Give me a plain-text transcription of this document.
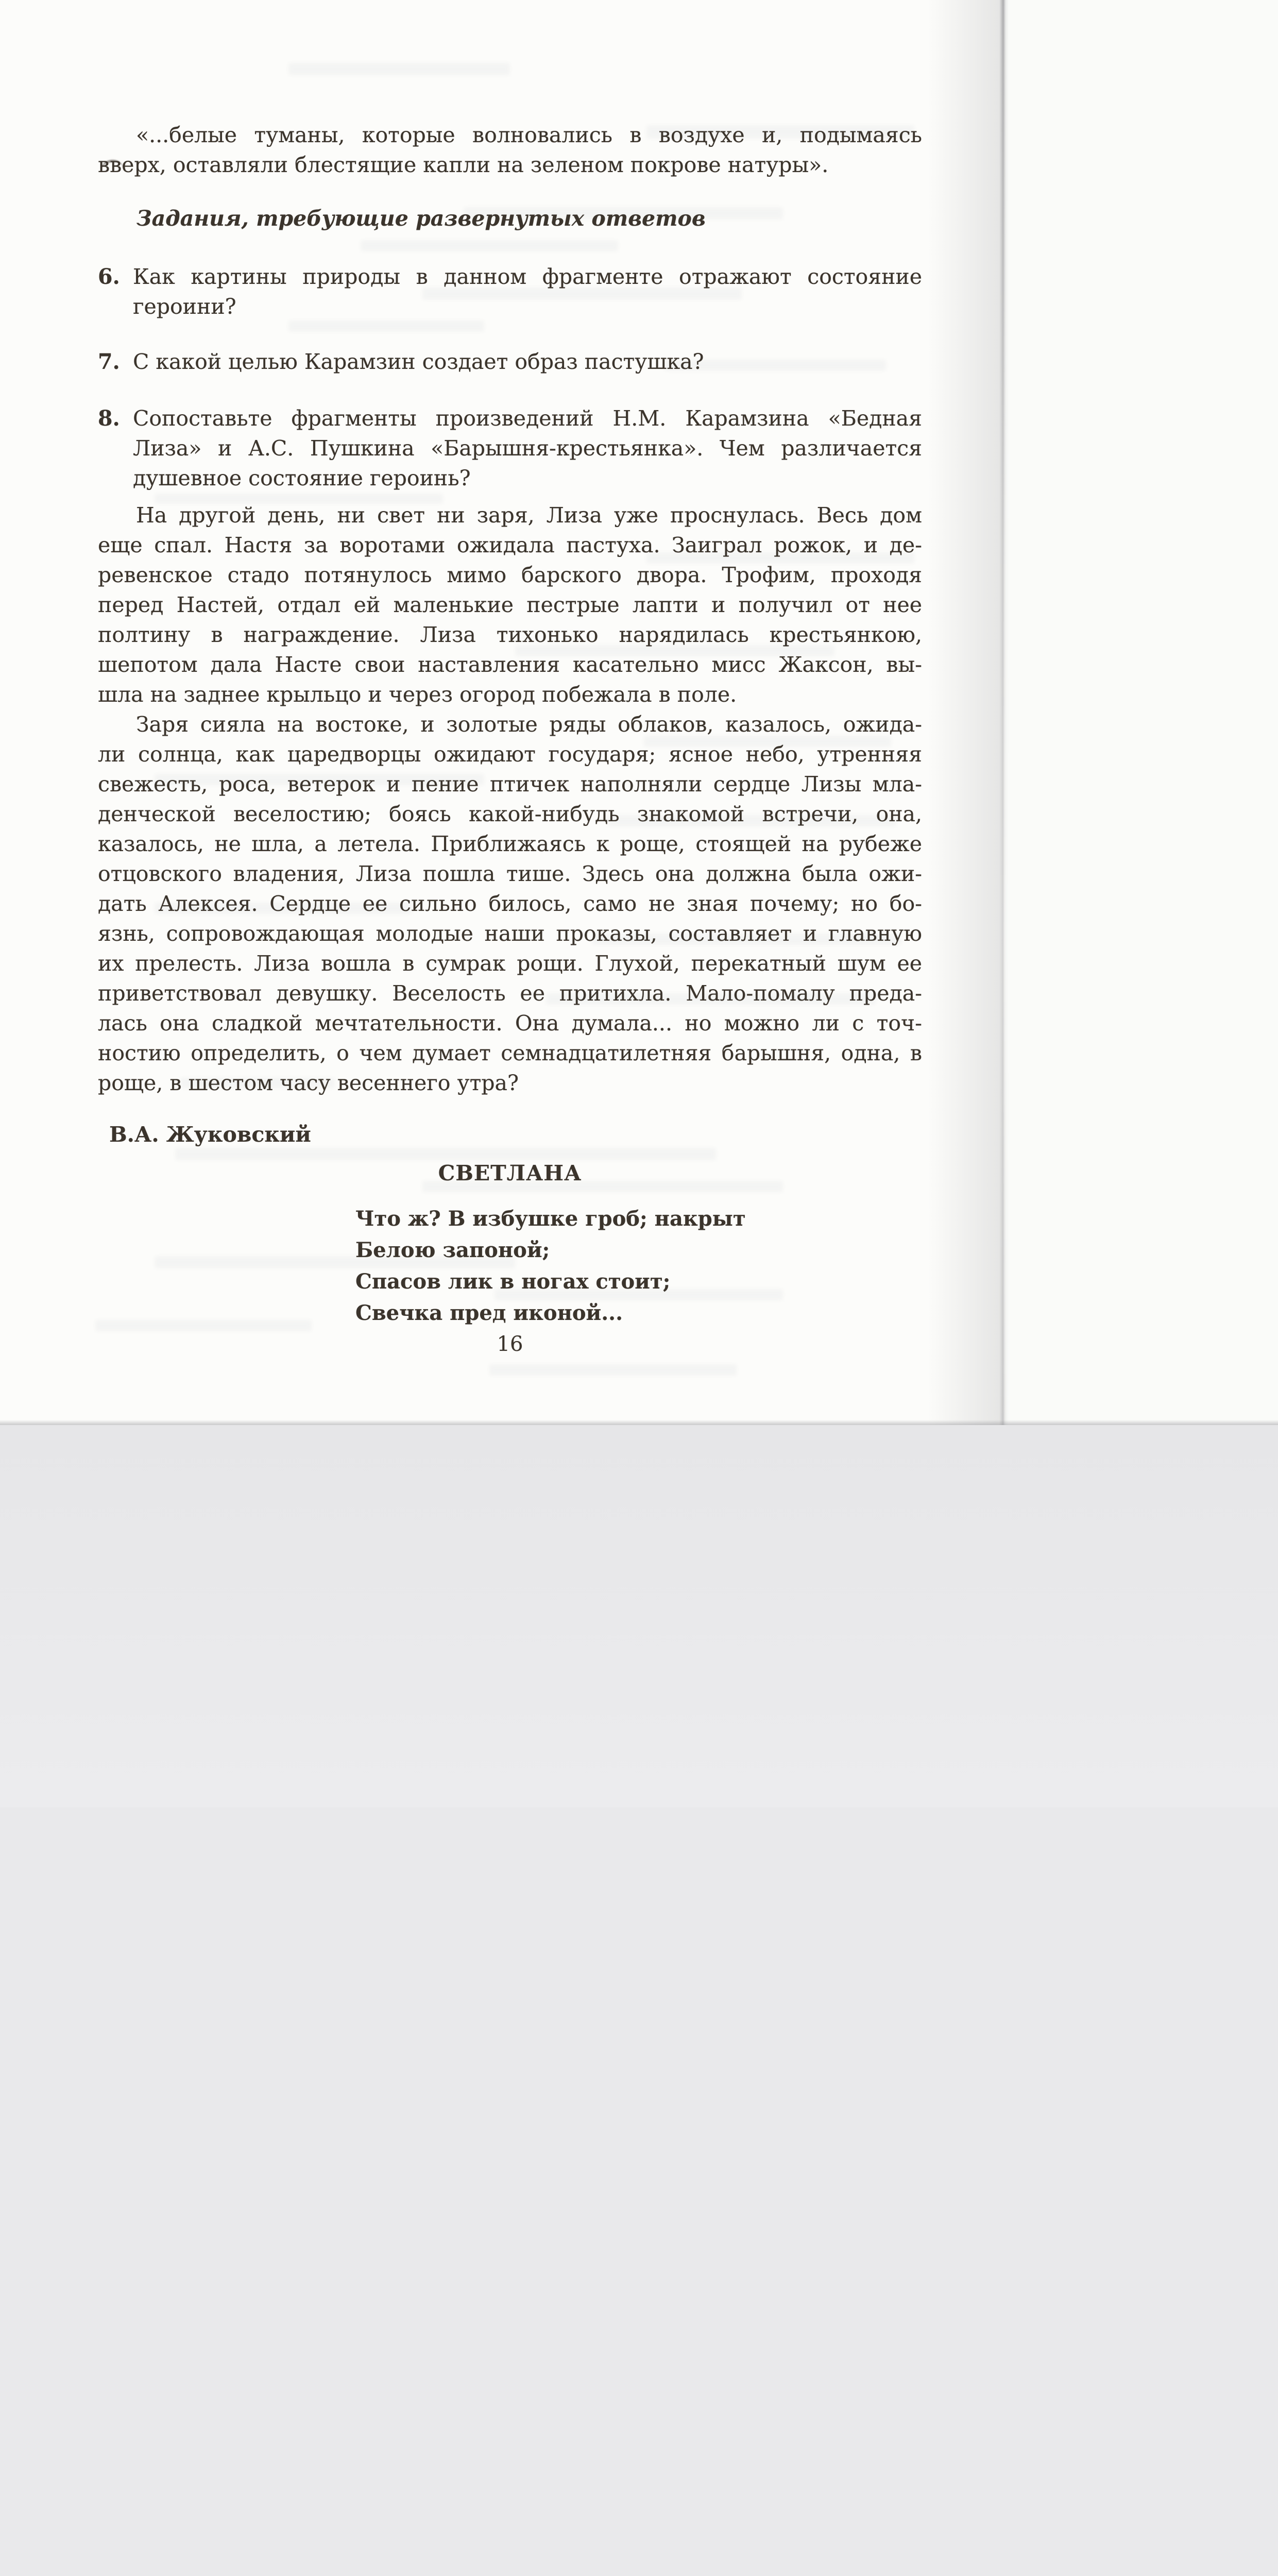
«...белые туманы, которые волновались в воздухе и, подымаясь
вверх, оставляли блестящие капли на зеленом покрове натуры».
Задания, требующие развернутых ответов
6. Как картины природы в данном фрагменте отражают состояние
героини?
7. С какой целью Карамзин создает образ пастушка?
8. Сопоставьте фрагменты произведений Н.М. Карамзина «Бедная
Лиза» и А.С. Пушкина «Барышня-крестьянка». Чем различается
душевное состояние героинь?
На другой день, ни свет ни заря, Лиза уже проснулась. Весь дом
еще спал. Настя за воротами ожидала пастуха. Заиграл рожок, и де-
ревенское стадо потянулось мимо барского двора. Трофим, проходя
перед Настей, отдал ей маленькие пестрые лапти и получил от нее
полтину в награждение. Лиза тихонько нарядилась крестьянкою,
шепотом дала Насте свои наставления касательно мисс Жаксон, вы-
шла на заднее крыльцо и через огород побежала в поле.
Заря сияла на востоке, и золотые ряды облаков, казалось, ожида-
ли солнца, как царедворцы ожидают государя; ясное небо, утренняя
свежесть, роса, ветерок и пение птичек наполняли сердце Лизы мла-
денческой веселостию; боясь какой-нибудь знакомой встречи, она,
казалось, не шла, а летела. Приближаясь к роще, стоящей на рубеже
отцовского владения, Лиза пошла тише. Здесь она должна была ожи-
дать Алексея. Сердце ее сильно билось, само не зная почему; но бо-
язнь, сопровождающая молодые наши проказы, составляет и главную
их прелесть. Лиза вошла в сумрак рощи. Глухой, перекатный шум ее
приветствовал девушку. Веселость ее притихла. Мало-помалу преда-
лась она сладкой мечтательности. Она думала... но можно ли с точ-
ностию определить, о чем думает семнадцатилетняя барышня, одна, в
роще, в шестом часу весеннего утра?
В.А. Жуковский
СВЕТЛАНА
Что ж? В избушке гроб; накрыт
Белою запоной;
Спасов лик в ногах стоит;
Свечка пред иконой...
16
